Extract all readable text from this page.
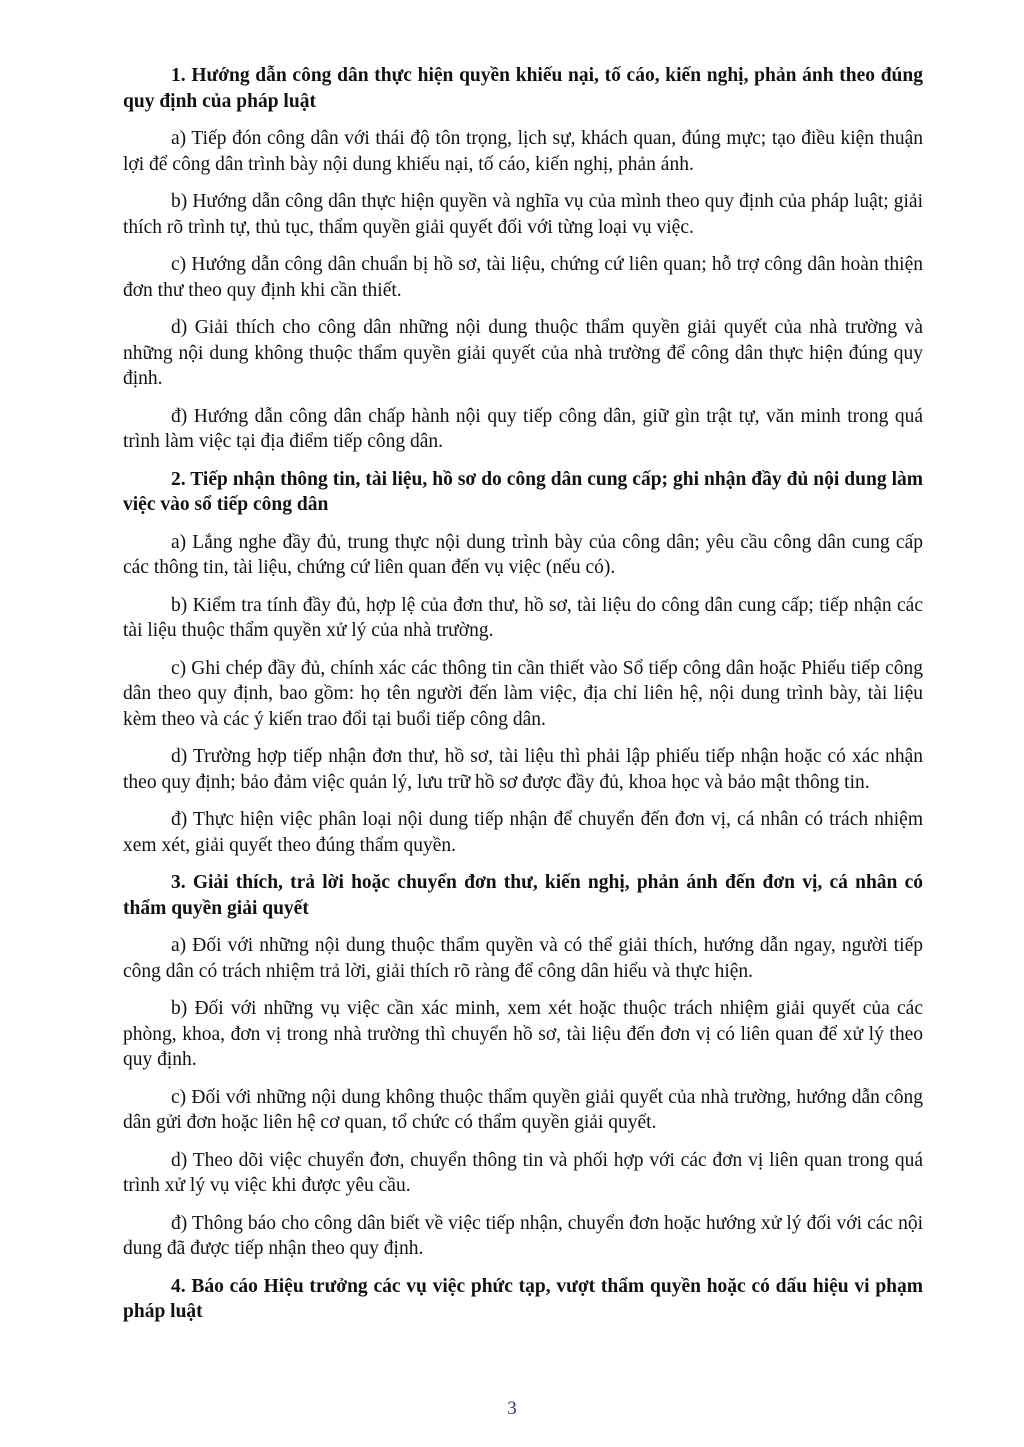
1. Hướng dẫn công dân thực hiện quyền khiếu nại, tố cáo, kiến nghị, phản ánh theo đúng quy định của pháp luật

a) Tiếp đón công dân với thái độ tôn trọng, lịch sự, khách quan, đúng mực; tạo điều kiện thuận lợi để công dân trình bày nội dung khiếu nại, tố cáo, kiến nghị, phản ánh.

b) Hướng dẫn công dân thực hiện quyền và nghĩa vụ của mình theo quy định của pháp luật; giải thích rõ trình tự, thủ tục, thẩm quyền giải quyết đối với từng loại vụ việc.

c) Hướng dẫn công dân chuẩn bị hồ sơ, tài liệu, chứng cứ liên quan; hỗ trợ công dân hoàn thiện đơn thư theo quy định khi cần thiết.

d) Giải thích cho công dân những nội dung thuộc thẩm quyền giải quyết của nhà trường và những nội dung không thuộc thẩm quyền giải quyết của nhà trường để công dân thực hiện đúng quy định.

đ) Hướng dẫn công dân chấp hành nội quy tiếp công dân, giữ gìn trật tự, văn minh trong quá trình làm việc tại địa điểm tiếp công dân.

2. Tiếp nhận thông tin, tài liệu, hồ sơ do công dân cung cấp; ghi nhận đầy đủ nội dung làm việc vào sổ tiếp công dân

a) Lắng nghe đầy đủ, trung thực nội dung trình bày của công dân; yêu cầu công dân cung cấp các thông tin, tài liệu, chứng cứ liên quan đến vụ việc (nếu có).

b) Kiểm tra tính đầy đủ, hợp lệ của đơn thư, hồ sơ, tài liệu do công dân cung cấp; tiếp nhận các tài liệu thuộc thẩm quyền xử lý của nhà trường.

c) Ghi chép đầy đủ, chính xác các thông tin cần thiết vào Sổ tiếp công dân hoặc Phiếu tiếp công dân theo quy định, bao gồm: họ tên người đến làm việc, địa chỉ liên hệ, nội dung trình bày, tài liệu kèm theo và các ý kiến trao đổi tại buổi tiếp công dân.

d) Trường hợp tiếp nhận đơn thư, hồ sơ, tài liệu thì phải lập phiếu tiếp nhận hoặc có xác nhận theo quy định; bảo đảm việc quản lý, lưu trữ hồ sơ được đầy đủ, khoa học và bảo mật thông tin.

đ) Thực hiện việc phân loại nội dung tiếp nhận để chuyển đến đơn vị, cá nhân có trách nhiệm xem xét, giải quyết theo đúng thẩm quyền.

3. Giải thích, trả lời hoặc chuyển đơn thư, kiến nghị, phản ánh đến đơn vị, cá nhân có thẩm quyền giải quyết

a) Đối với những nội dung thuộc thẩm quyền và có thể giải thích, hướng dẫn ngay, người tiếp công dân có trách nhiệm trả lời, giải thích rõ ràng để công dân hiểu và thực hiện.

b) Đối với những vụ việc cần xác minh, xem xét hoặc thuộc trách nhiệm giải quyết của các phòng, khoa, đơn vị trong nhà trường thì chuyển hồ sơ, tài liệu đến đơn vị có liên quan để xử lý theo quy định.

c) Đối với những nội dung không thuộc thẩm quyền giải quyết của nhà trường, hướng dẫn công dân gửi đơn hoặc liên hệ cơ quan, tổ chức có thẩm quyền giải quyết.

d) Theo dõi việc chuyển đơn, chuyển thông tin và phối hợp với các đơn vị liên quan trong quá trình xử lý vụ việc khi được yêu cầu.

đ) Thông báo cho công dân biết về việc tiếp nhận, chuyển đơn hoặc hướng xử lý đối với các nội dung đã được tiếp nhận theo quy định.

4. Báo cáo Hiệu trưởng các vụ việc phức tạp, vượt thẩm quyền hoặc có dấu hiệu vi phạm pháp luật

3
